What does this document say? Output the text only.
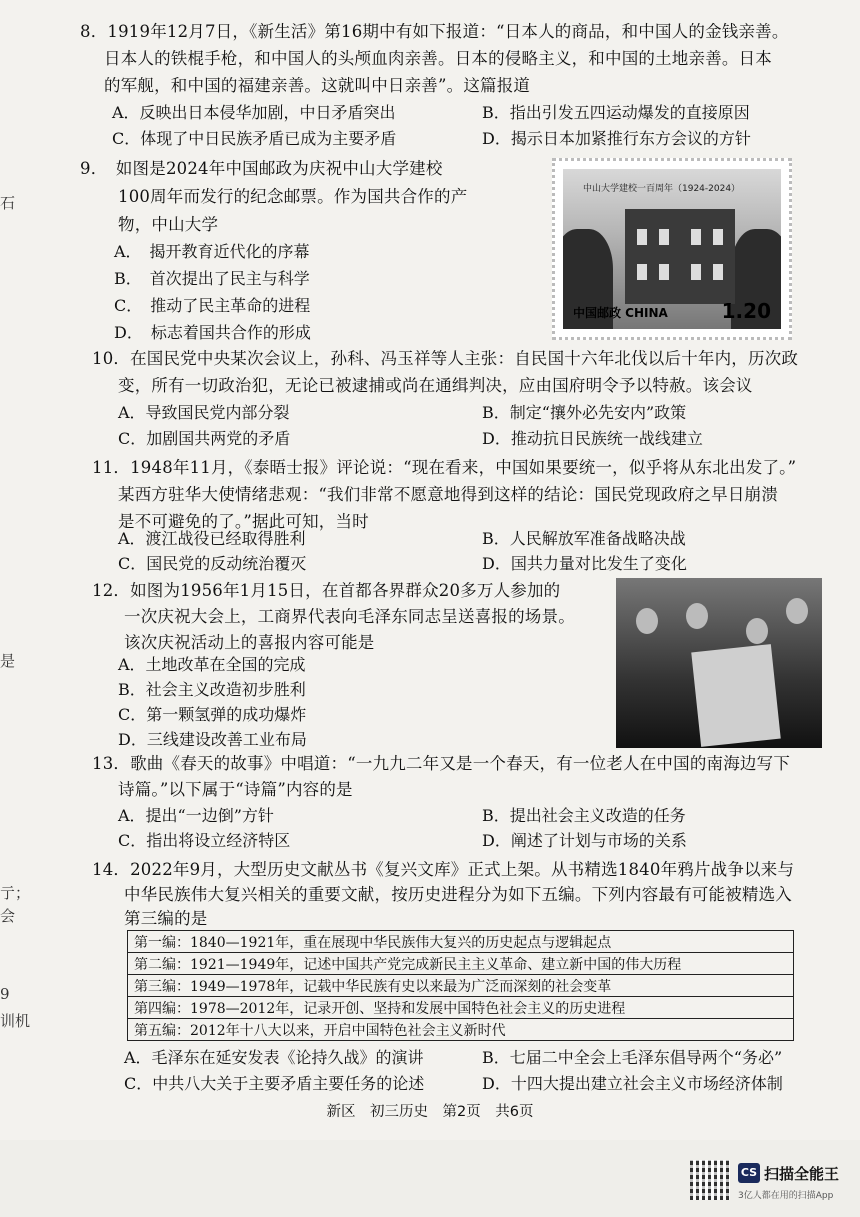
石
是
亍；
会
9
训机
8．1919年12月7日，《新生活》第16期中有如下报道：“日本人的商品，和中国人的金钱亲善。
日本人的铁棍手枪，和中国人的头颅血肉亲善。日本的侵略主义，和中国的土地亲善。日本
的军舰，和中国的福建亲善。这就叫中日亲善”。这篇报道
A．反映出日本侵华加剧，中日矛盾突出	B．指出引发五四运动爆发的直接原因
C．体现了中日民族矛盾已成为主要矛盾	D．揭示日本加紧推行东方会议的方针
9．　如图是2024年中国邮政为庆祝中山大学建校
100周年而发行的纪念邮票。作为国共合作的产
物，中山大学
A．　揭开教育近代化的序幕
B．　首次提出了民主与科学
C．　推动了民主革命的进程
D．　标志着国共合作的形成
中山大学建校一百周年（1924-2024）
中国邮政 CHINA	1.20
10．在国民党中央某次会议上，孙科、冯玉祥等人主张：自民国十六年北伐以后十年内，历次政
变，所有一切政治犯，无论已被逮捕或尚在通缉判决，应由国府明令予以特赦。该会议
A．导致国民党内部分裂	B．制定“攘外必先安内”政策
C．加剧国共两党的矛盾	D．推动抗日民族统一战线建立
11．1948年11月，《泰晤士报》评论说：“现在看来，中国如果要统一，似乎将从东北出发了。”
某西方驻华大使情绪悲观：“我们非常不愿意地得到这样的结论：国民党现政府之早日崩溃
是不可避免的了。”据此可知，当时
A．渡江战役已经取得胜利	B．人民解放军准备战略决战
C．国民党的反动统治覆灭	D．国共力量对比发生了变化
12．如图为1956年1月15日，在首都各界群众20多万人参加的
一次庆祝大会上，工商界代表向毛泽东同志呈送喜报的场景。
该次庆祝活动上的喜报内容可能是
A．土地改革在全国的完成
B．社会主义改造初步胜利
C．第一颗氢弹的成功爆炸
D．三线建设改善工业布局
13．歌曲《春天的故事》中唱道：“一九九二年又是一个春天，有一位老人在中国的南海边写下
诗篇。”以下属于“诗篇”内容的是
A．提出“一边倒”方针	B．提出社会主义改造的任务
C．指出将设立经济特区	D．阐述了计划与市场的关系
14．2022年9月，大型历史文献丛书《复兴文库》正式上架。从书精选1840年鸦片战争以来与
中华民族伟大复兴相关的重要文献，按历史进程分为如下五编。下列内容最有可能被精选入
第三编的是
第一编：1840—1921年，重在展现中华民族伟大复兴的历史起点与逻辑起点
第二编：1921—1949年，记述中国共产党完成新民主主义革命、建立新中国的伟大历程
第三编：1949—1978年，记载中华民族有史以来最为广泛而深刻的社会变革
第四编：1978—2012年，记录开创、坚持和发展中国特色社会主义的历史进程
第五编：2012年十八大以来，开启中国特色社会主义新时代
A．毛泽东在延安发表《论持久战》的演讲	B．七届二中全会上毛泽东倡导两个“务必”
C．中共八大关于主要矛盾主要任务的论述	D．十四大提出建立社会主义市场经济体制
新区　初三历史　第2页　共6页
CS 扫描全能王
3亿人都在用的扫描App
